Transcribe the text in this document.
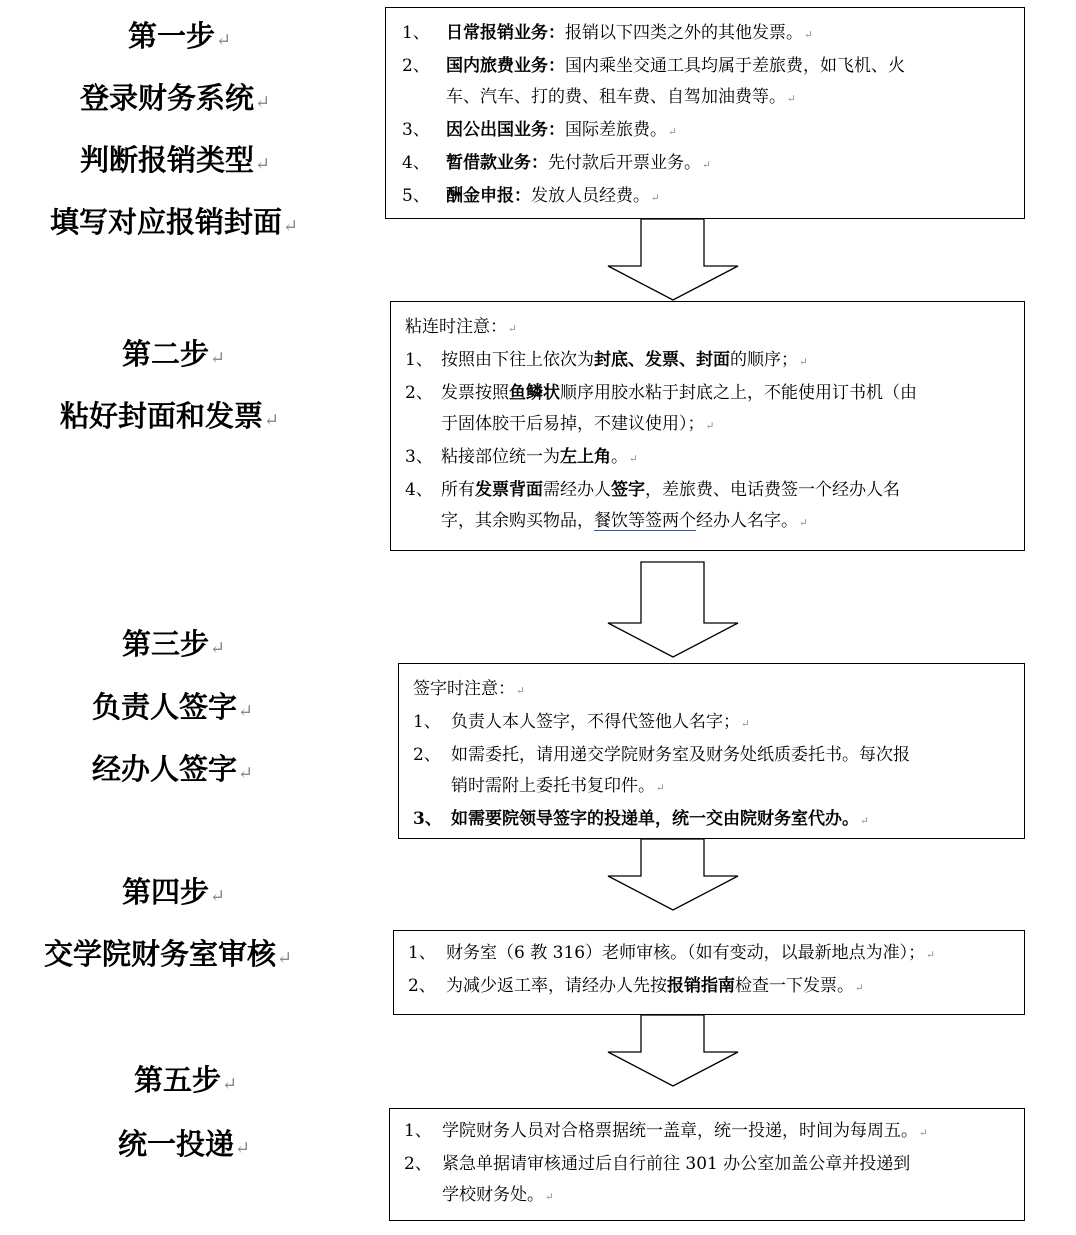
第一步↵
登录财务系统↵
判断报销类型↵
填写对应报销封面↵
第二步↵
粘好封面和发票↵
第三步↵
负责人签字↵
经办人签字↵
第四步↵
交学院财务室审核↵
第五步↵
统一投递↵
1、 日常报销业务：报销以下四类之外的其他发票。↵
2、 国内旅费业务：国内乘坐交通工具均属于差旅费，如飞机、火
车、汽车、打的费、租车费、自驾加油费等。↵
3、 因公出国业务：国际差旅费。↵
4、 暂借款业务：先付款后开票业务。↵
5、 酬金申报：发放人员经费。↵
粘连时注意：↵
1、 按照由下往上依次为封底、发票、封面的顺序；↵
2、 发票按照鱼鳞状顺序用胶水粘于封底之上，不能使用订书机（由
于固体胶干后易掉，不建议使用）；↵
3、 粘接部位统一为左上角。↵
4、 所有发票背面需经办人签字，差旅费、电话费签一个经办人名
字，其余购买物品，餐饮等签两个经办人名字。↵
签字时注意：↵
1、 负责人本人签字，不得代签他人名字；↵
2、 如需委托，请用递交学院财务室及财务处纸质委托书。每次报
销时需附上委托书复印件。↵
3、 如需要院领导签字的投递单，统一交由院财务室代办。↵
1、 财务室（6 教 316）老师审核。（如有变动，以最新地点为准）；↵
2、 为减少返工率，请经办人先按报销指南检查一下发票。↵
1、 学院财务人员对合格票据统一盖章，统一投递，时间为每周五。↵
2、 紧急单据请审核通过后自行前往 301 办公室加盖公章并投递到
学校财务处。↵
